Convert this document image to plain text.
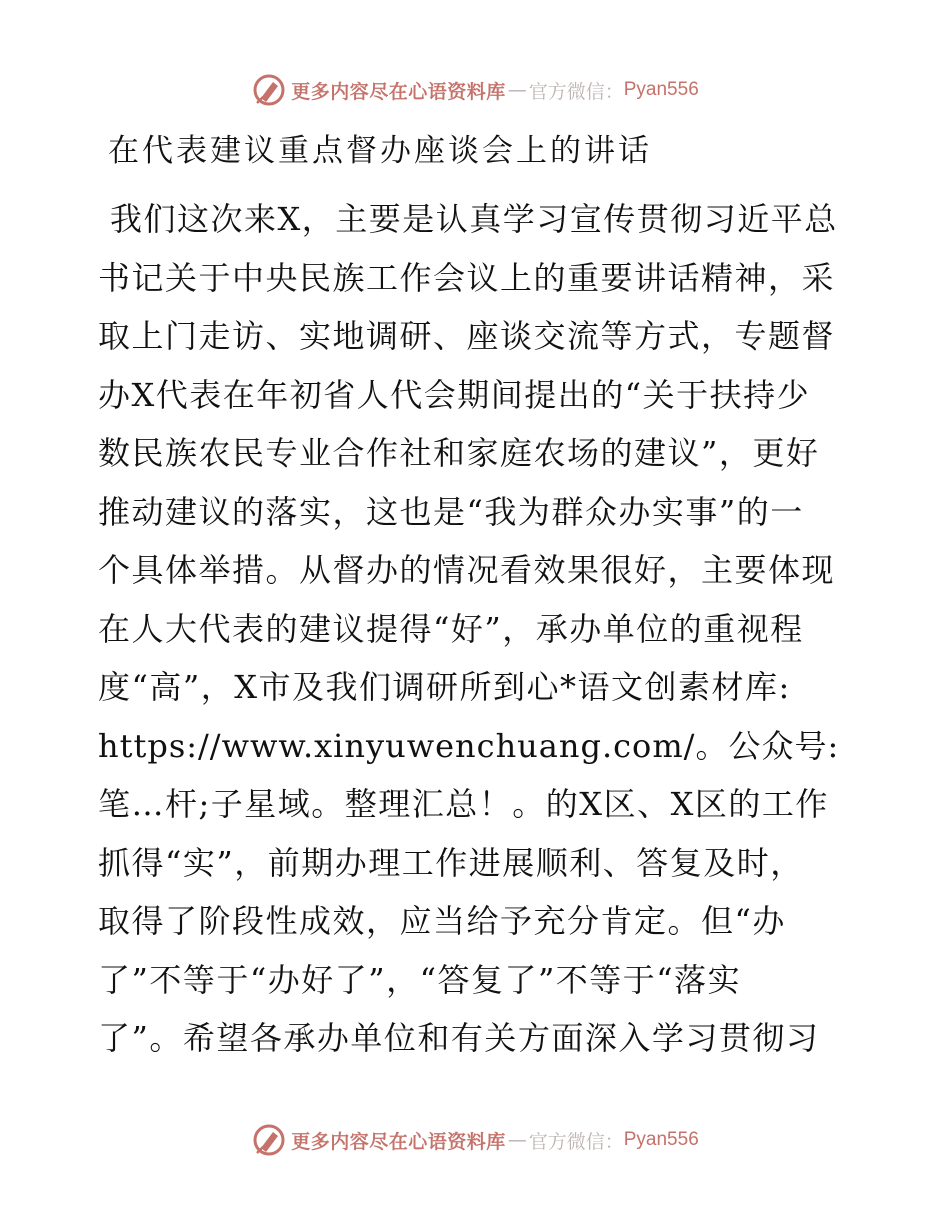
更多内容尽在心语资料库 — 官方微信： Pyan556
在代表建议重点督办座谈会上的讲话
我们这次来X，主要是认真学习宣传贯彻习近平总
书记关于中央民族工作会议上的重要讲话精神，采
取上门走访、实地调研、座谈交流等方式，专题督
办X代表在年初省人代会期间提出的“关于扶持少
数民族农民专业合作社和家庭农场的建议”，更好
推动建议的落实，这也是“我为群众办实事”的一
个具体举措。从督办的情况看效果很好，主要体现
在人大代表的建议提得“好”，承办单位的重视程
度“高”，X市及我们调研所到心*语文创素材库:
https://www.xinyuwenchuang.com/。公众号:
笔…杆;子星域。整理汇总！。的X区、X区的工作
抓得“实”，前期办理工作进展顺利、答复及时，
取得了阶段性成效，应当给予充分肯定。但“办
了”不等于“办好了”，“答复了”不等于“落实
了”。希望各承办单位和有关方面深入学习贯彻习
更多内容尽在心语资料库 — 官方微信： Pyan556
